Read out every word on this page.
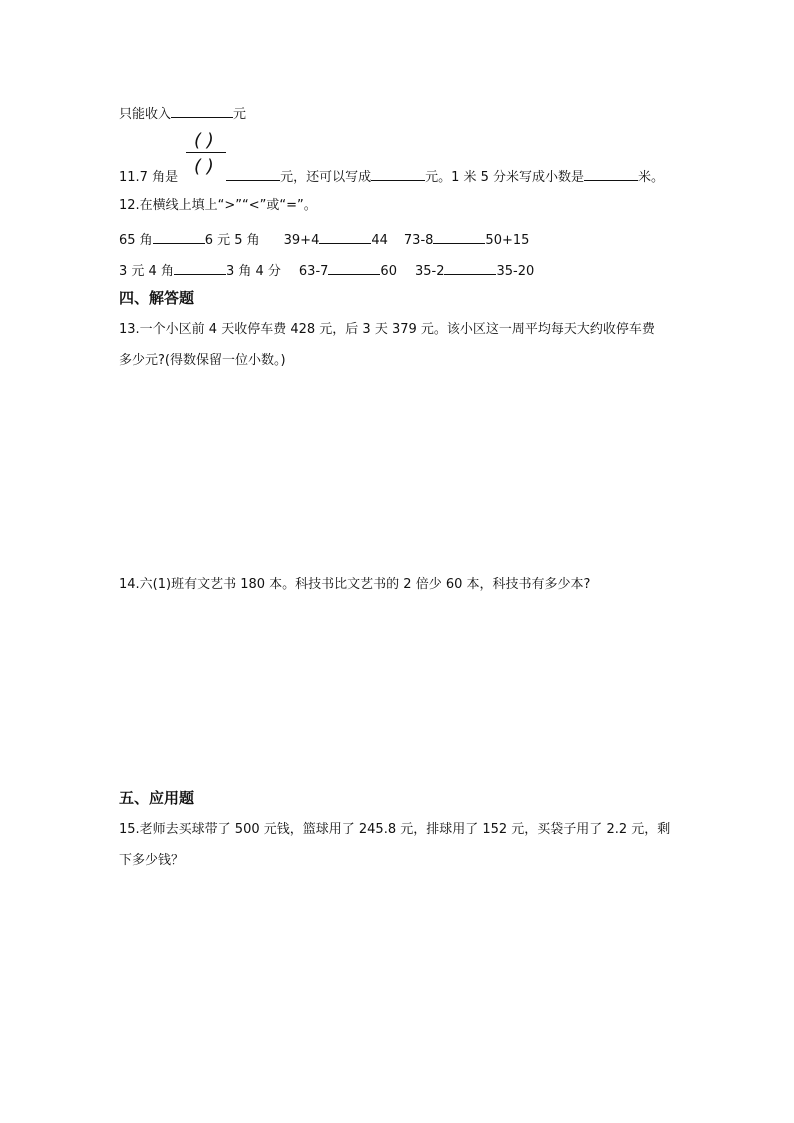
只能收入	元
( )
( )
11.7 角是	元，还可以写成	元。1 米 5 分米写成小数是	米。
12.在横线上填上“>”“<”或“=”。
65 角	6 元 5 角 39+4	44 73-8	50+15
3 元 4 角	3 角 4 分 63-7	60 35-2	35-20
四、解答题
13.一个小区前 4 天收停车费 428 元，后 3 天 379 元。该小区这一周平均每天大约收停车费
多少元?(得数保留一位小数。)
14.六(1)班有文艺书 180 本。科技书比文艺书的 2 倍少 60 本，科技书有多少本?
五、应用题
15.老师去买球带了 500 元钱，篮球用了 245.8 元，排球用了 152 元，买袋子用了 2.2 元，剩
下多少钱？
